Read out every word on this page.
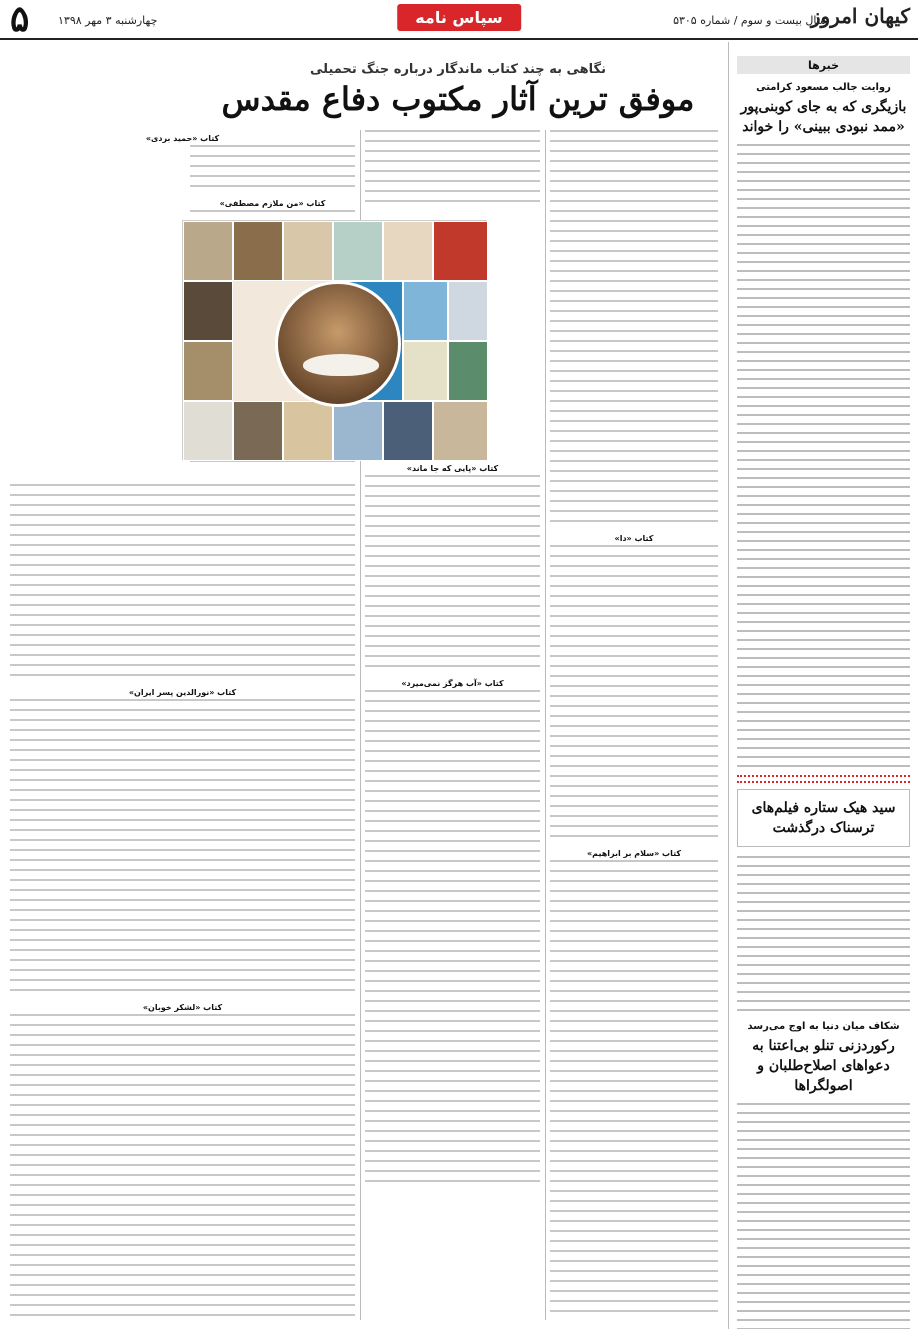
کیهان امروز
سال بیست و سوم / شماره ۵۳۰۵
سپاس نامه
چهارشنبه ۳ مهر ۱۳۹۸
۵
خبرها
روایت جالب مسعود کرامتی
بازیگری که به جای کوبنی‌پور «ممد نبودی ببینی» را خواند
سید هیک ستاره فیلم‌های ترسناک درگذشت
شکاف میان دنیا به اوج می‌رسد
رکوردزنی تنلو بی‌اعتنا به دعواهای اصلاح‌طلبان و اصولگراها
نگاهی به چند کتاب ماندگار درباره جنگ تحمیلی
موفق ترین آثار مکتوب دفاع مقدس
کتاب «دا»
کتاب «سلام بر ابراهیم»
کتاب «پایی که جا ماند»
کتاب «آب هرگز نمی‌میرد»
کتاب «حمید بردی»
کتاب «من ملازم مصطفی»
کتاب «نورالدین پسر ایران»
کتاب «لشکر خوبان»
